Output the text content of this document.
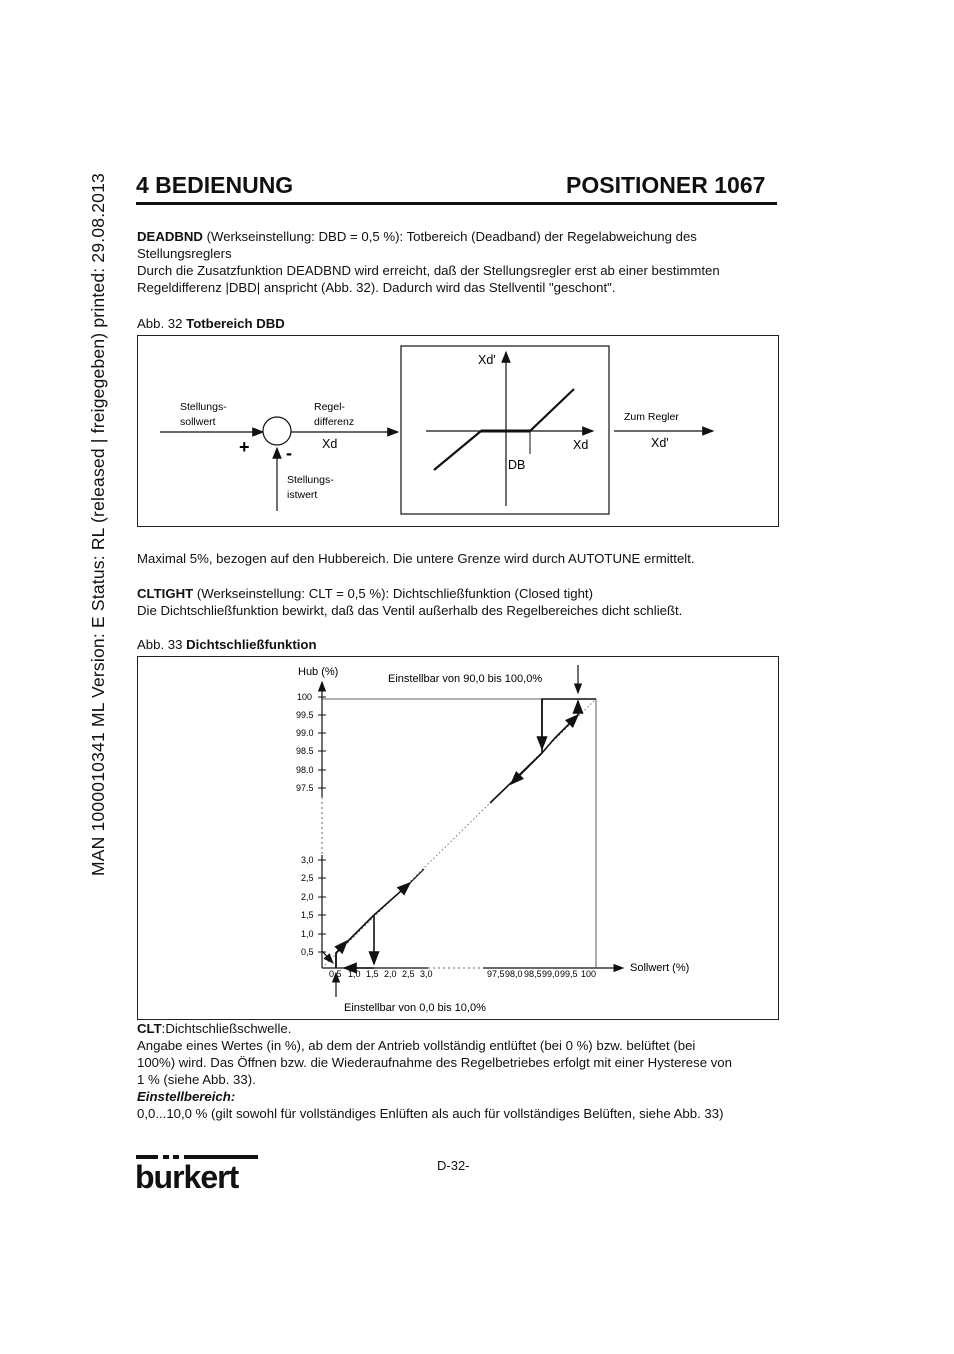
MAN 1000010341 ML Version: E Status: RL (released | freigegeben) printed: 29.08.2013 4 BEDIENUNG	POSITIONER 1067
DEADBND (Werkseinstellung: DBD = 0,5 %): Totbereich (Deadband) der Regelabweichung des
Stellungsreglers
Durch die Zusatzfunktion DEADBND wird erreicht, daß der Stellungsregler erst ab einer bestimmten
Regeldifferenz |DBD| anspricht (Abb. 32). Dadurch wird das Stellventil "geschont".
Abb. 32 Totbereich DBD
Stellungs-
sollwert
Regel-
differenz
Xd
+ -
Stellungs-
istwert
Xd'
Xd
DB
Zum Regler
Xd'
Maximal 5%, bezogen auf den Hubbereich. Die untere Grenze wird durch AUTOTUNE ermittelt.
CLTIGHT (Werkseinstellung: CLT = 0,5 %): Dichtschließfunktion (Closed tight)
Die Dichtschließfunktion bewirkt, daß das Ventil außerhalb des Regelbereiches dicht schließt.
Abb. 33 Dichtschließfunktion
100
99.5
99.0
98.5
98.0
97.5
3,0
2,5
2,0
1,5
1,0
0,5
0,5 1,0 1,5 2,0 2,5 3,0	97,5 98,0 98,5 99,0 99,5 100
Hub (%)
Sollwert (%)
Einstellbar von 90,0 bis 100,0%
Einstellbar von 0,0 bis 10,0%
CLT:Dichtschließschwelle.
Angabe eines Wertes (in %), ab dem der Antrieb vollständig entlüftet (bei 0 %) bzw. belüftet (bei
100%) wird. Das Öffnen bzw. die Wiederaufnahme des Regelbetriebes erfolgt mit einer Hysterese von
1 % (siehe Abb. 33).
Einstellbereich:
0,0...10,0 % (gilt sowohl für vollständiges Enlüften als auch für vollständiges Belüften, siehe Abb. 33)
burkert	D-32-
